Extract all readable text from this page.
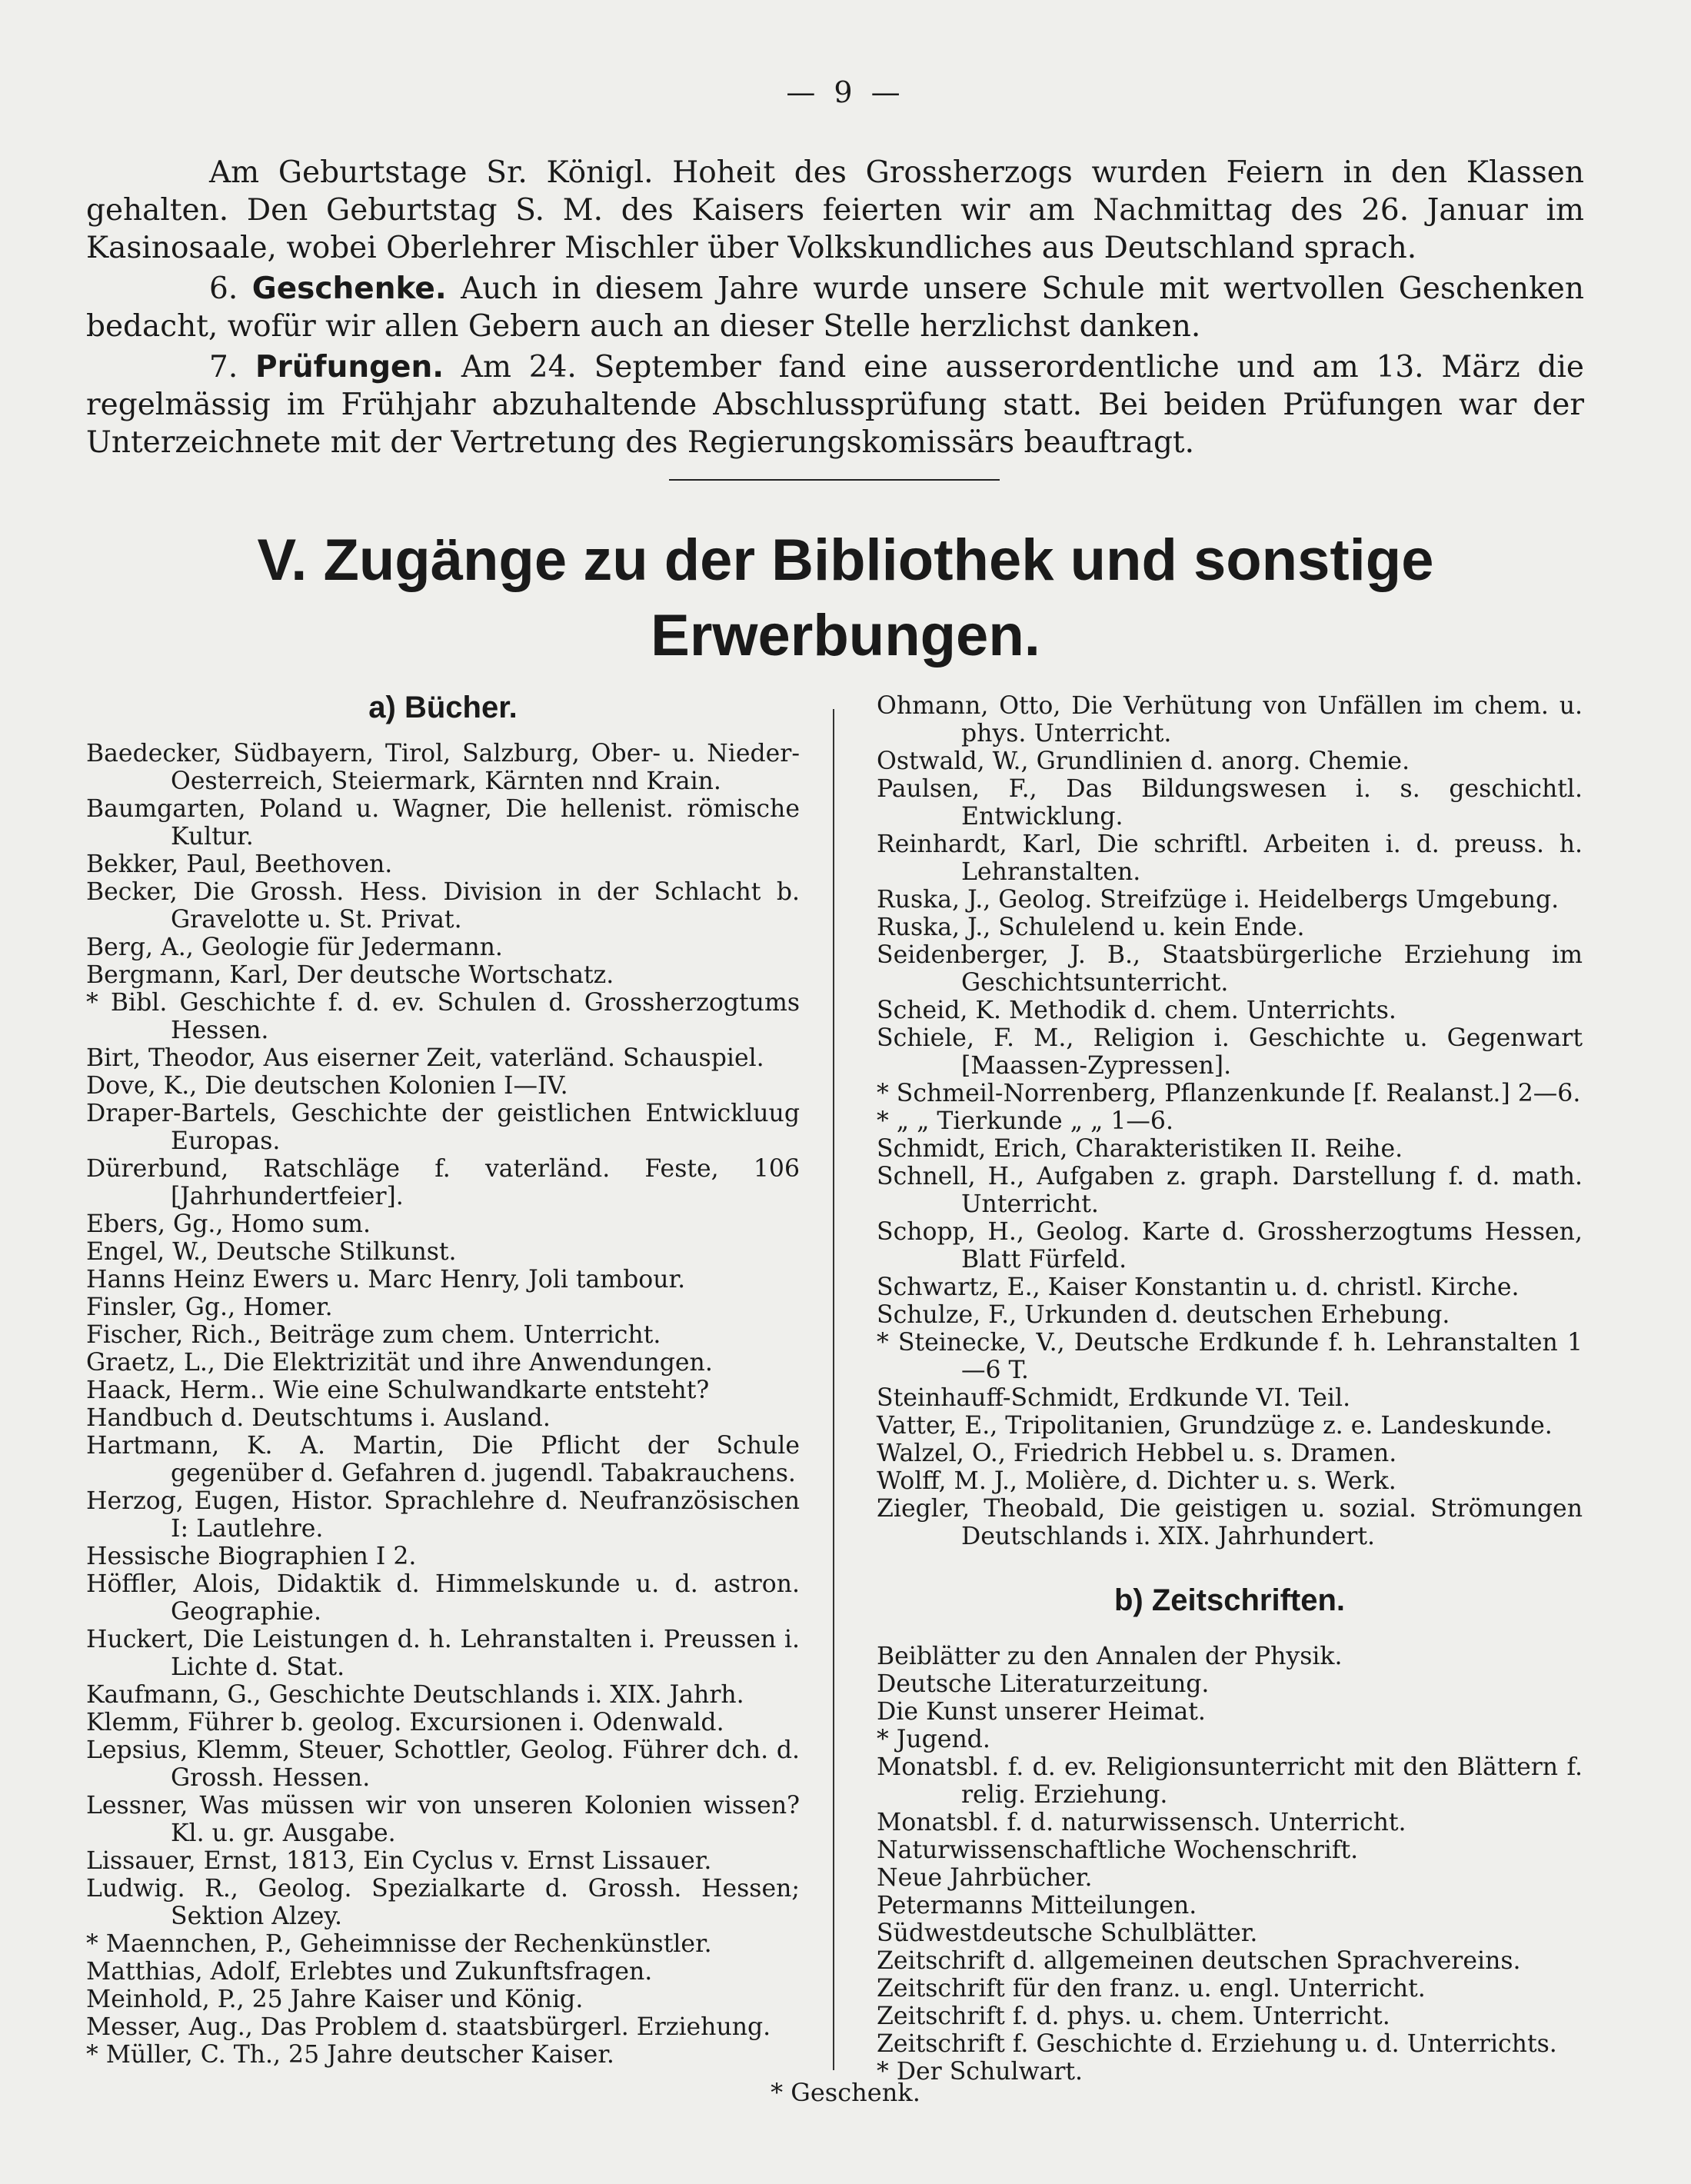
— 9 —

Am Geburtstage Sr. Königl. Hoheit des Grossherzogs wurden Feiern in den Klassen gehalten. Den Geburtstag S. M. des Kaisers feierten wir am Nachmittag des 26. Januar im Kasinosaale, wobei Oberlehrer Mischler über Volkskundliches aus Deutschland sprach.

6. Geschenke. Auch in diesem Jahre wurde unsere Schule mit wertvollen Geschenken bedacht, wofür wir allen Gebern auch an dieser Stelle herzlichst danken.

7. Prüfungen. Am 24. September fand eine ausserordentliche und am 13. März die regelmässig im Frühjahr abzuhaltende Abschlussprüfung statt. Bei beiden Prüfungen war der Unterzeichnete mit der Vertretung des Regierungskomissärs beauftragt.

V. Zugänge zu der Bibliothek und sonstige
Erwerbungen.
a) Bücher.

Baedecker, Südbayern, Tirol, Salzburg, Ober- u. Nieder-Oesterreich, Steiermark, Kärnten nnd Krain.

Baumgarten, Poland u. Wagner, Die hellenist. römische Kultur.

Bekker, Paul, Beethoven.

Becker, Die Grossh. Hess. Division in der Schlacht b. Gravelotte u. St. Privat.

Berg, A., Geologie für Jedermann.

Bergmann, Karl, Der deutsche Wortschatz.

* Bibl. Geschichte f. d. ev. Schulen d. Grossherzogtums Hessen.

Birt, Theodor, Aus eiserner Zeit, vaterländ. Schauspiel.

Dove, K., Die deutschen Kolonien I—IV.

Draper-Bartels, Geschichte der geistlichen Entwickluug Europas.

Dürerbund, Ratschläge f. vaterländ. Feste, 106 [Jahrhundertfeier].

Ebers, Gg., Homo sum.

Engel, W., Deutsche Stilkunst.

Hanns Heinz Ewers u. Marc Henry, Joli tambour.

Finsler, Gg., Homer.

Fischer, Rich., Beiträge zum chem. Unterricht.

Graetz, L., Die Elektrizität und ihre Anwendungen.

Haack, Herm.. Wie eine Schulwandkarte entsteht?

Handbuch d. Deutschtums i. Ausland.

Hartmann, K. A. Martin, Die Pflicht der Schule gegenüber d. Gefahren d. jugendl. Tabakrauchens.

Herzog, Eugen, Histor. Sprachlehre d. Neufranzösischen I: Lautlehre.

Hessische Biographien I 2.

Höffler, Alois, Didaktik d. Himmelskunde u. d. astron. Geographie.

Huckert, Die Leistungen d. h. Lehranstalten i. Preussen i. Lichte d. Stat.

Kaufmann, G., Geschichte Deutschlands i. XIX. Jahrh.

Klemm, Führer b. geolog. Excursionen i. Odenwald.

Lepsius, Klemm, Steuer, Schottler, Geolog. Führer dch. d. Grossh. Hessen.

Lessner, Was müssen wir von unseren Kolonien wissen? Kl. u. gr. Ausgabe.

Lissauer, Ernst, 1813, Ein Cyclus v. Ernst Lissauer.

Ludwig. R., Geolog. Spezialkarte d. Grossh. Hessen; Sektion Alzey.

* Maennchen, P., Geheimnisse der Rechenkünstler.

Matthias, Adolf, Erlebtes und Zukunftsfragen.

Meinhold, P., 25 Jahre Kaiser und König.

Messer, Aug., Das Problem d. staatsbürgerl. Erziehung.

* Müller, C. Th., 25 Jahre deutscher Kaiser.

Ohmann, Otto, Die Verhütung von Unfällen im chem. u. phys. Unterricht.

Ostwald, W., Grundlinien d. anorg. Chemie.

Paulsen, F., Das Bildungswesen i. s. geschichtl. Entwicklung.

Reinhardt, Karl, Die schriftl. Arbeiten i. d. preuss. h. Lehranstalten.

Ruska, J., Geolog. Streifzüge i. Heidelbergs Umgebung.

Ruska, J., Schulelend u. kein Ende.

Seidenberger, J. B., Staatsbürgerliche Erziehung im Geschichtsunterricht.

Scheid, K. Methodik d. chem. Unterrichts.

Schiele, F. M., Religion i. Geschichte u. Gegenwart [Maassen-Zypressen].

* Schmeil-Norrenberg, Pflanzenkunde [f. Realanst.] 2—6.

* „ „ Tierkunde „ „ 1—6.

Schmidt, Erich, Charakteristiken II. Reihe.

Schnell, H., Aufgaben z. graph. Darstellung f. d. math. Unterricht.

Schopp, H., Geolog. Karte d. Grossherzogtums Hessen, Blatt Fürfeld.

Schwartz, E., Kaiser Konstantin u. d. christl. Kirche.

Schulze, F., Urkunden d. deutschen Erhebung.

* Steinecke, V., Deutsche Erdkunde f. h. Lehranstalten 1—6 T.

Steinhauff-Schmidt, Erdkunde VI. Teil.

Vatter, E., Tripolitanien, Grundzüge z. e. Landeskunde.

Walzel, O., Friedrich Hebbel u. s. Dramen.

Wolff, M. J., Molière, d. Dichter u. s. Werk.

Ziegler, Theobald, Die geistigen u. sozial. Strömungen Deutschlands i. XIX. Jahrhundert.

b) Zeitschriften.

Beiblätter zu den Annalen der Physik.

Deutsche Literaturzeitung.

Die Kunst unserer Heimat.

* Jugend.

Monatsbl. f. d. ev. Religionsunterricht mit den Blättern f. relig. Erziehung.

Monatsbl. f. d. naturwissensch. Unterricht.

Naturwissenschaftliche Wochenschrift.

Neue Jahrbücher.

Petermanns Mitteilungen.

Südwestdeutsche Schulblätter.

Zeitschrift d. allgemeinen deutschen Sprachvereins.

Zeitschrift für den franz. u. engl. Unterricht.

Zeitschrift f. d. phys. u. chem. Unterricht.

Zeitschrift f. Geschichte d. Erziehung u. d. Unterrichts.

* Der Schulwart.

* Geschenk.
